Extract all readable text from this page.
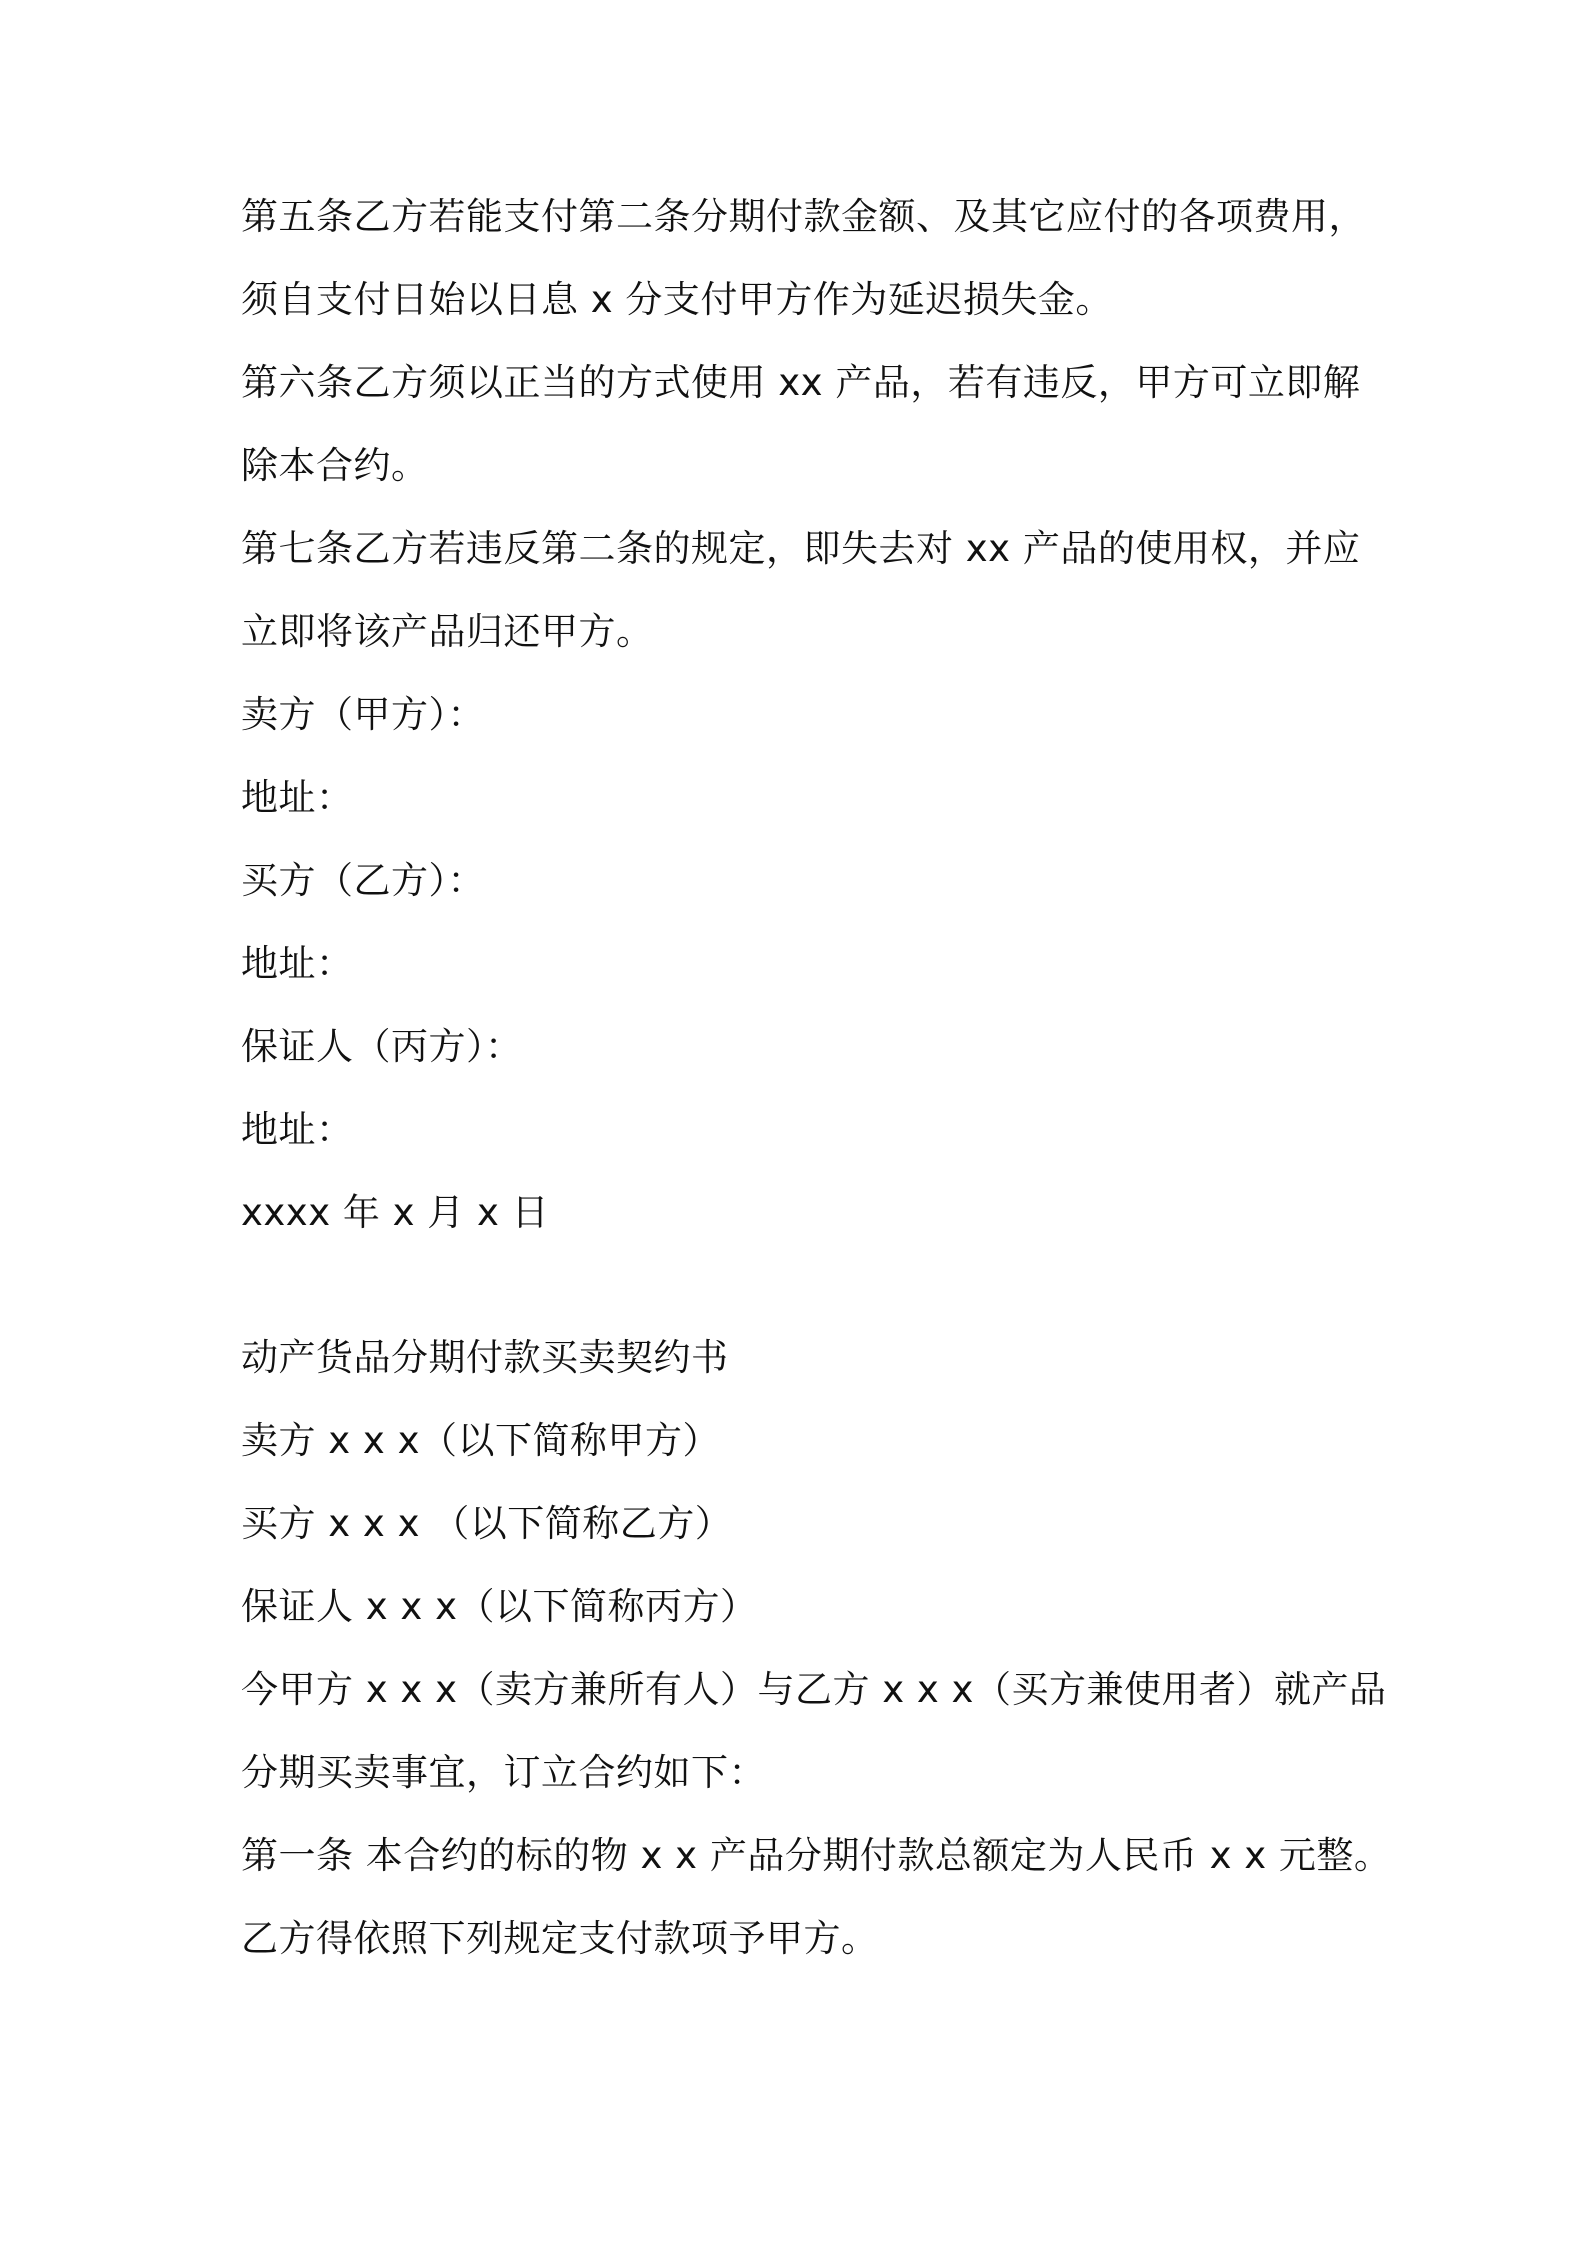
第五条乙方若能支付第二条分期付款金额、及其它应付的各项费用，
须自支付日始以日息 x 分支付甲方作为延迟损失金。
第六条乙方须以正当的方式使用 xx 产品，若有违反，甲方可立即解
除本合约。
第七条乙方若违反第二条的规定，即失去对 xx 产品的使用权，并应
立即将该产品归还甲方。
卖方（甲方）：
地址：
买方（乙方）：
地址：
保证人（丙方）：
地址：
xxxx 年 x 月 x 日
动产货品分期付款买卖契约书
卖方 x x x（以下简称甲方）
买方 x x x （以下简称乙方）
保证人 x x x（以下简称丙方）
今甲方 x x x（卖方兼所有人）与乙方 x x x（买方兼使用者）就产品
分期买卖事宜，订立合约如下：
第一条 本合约的标的物 x x 产品分期付款总额定为人民币 x x 元整。
乙方得依照下列规定支付款项予甲方。
